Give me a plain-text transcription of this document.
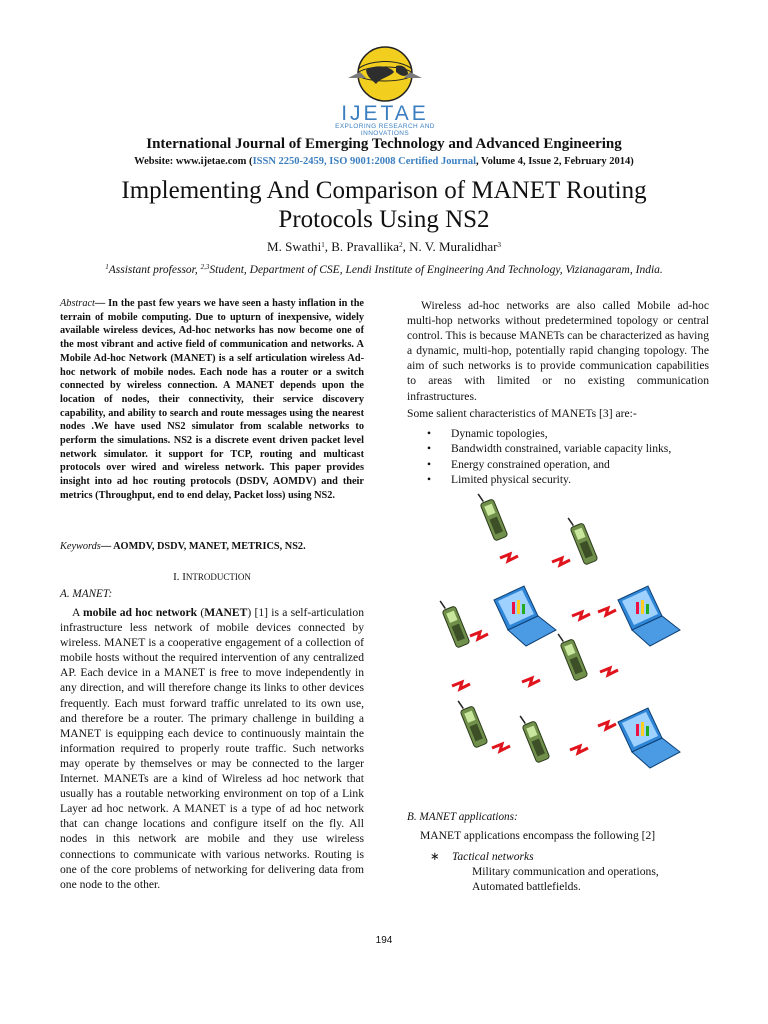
IJETAE
EXPLORING RESEARCH AND INNOVATIONS
International Journal of Emerging Technology and Advanced Engineering
Website: www.ijetae.com (ISSN 2250-2459, ISO 9001:2008 Certified Journal, Volume 4, Issue 2, February 2014)
Implementing And Comparison of MANET Routing Protocols Using NS2
M. Swathi$^1$, B. Pravallika$^2$, N. V. Muralidhar$^3$
$^1$Assistant professor, $^{2,3}$Student, Department of CSE, Lendi Institute of Engineering And Technology, Vizianagaram, India.
Abstract— In the past few years we have seen a hasty inflation in the terrain of mobile computing. Due to upturn of inexpensive, widely available wireless devices, Ad-hoc networks has now become one of the most vibrant and active field of communication and networks. A Mobile Ad-hoc Network (MANET) is a self articulation wireless Ad-hoc network of mobile nodes. Each node has a router or a switch connected by wireless connection. A MANET depends upon the location of nodes, their connectivity, their service discovery capability, and ability to search and route messages using the nearest nodes .We have used NS2 simulator from scalable networks to perform the simulations. NS2 is a discrete event driven packet level network simulator. it support for TCP, routing and multicast protocols over wired and wireless network. This paper provides insight into ad hoc routing protocols (DSDV, AOMDV) and their metrics (Throughput, end to end delay, Packet loss) using NS2.
Keywords— AOMDV, DSDV, MANET, METRICS, NS2.
I. INTRODUCTION
A. MANET:
A mobile ad hoc network (MANET) [1] is a self-articulation infrastructure less network of mobile devices connected by wireless. MANET is a cooperative engagement of a collection of mobile hosts without the required intervention of any centralized AP. Each device in a MANET is free to move independently in any direction, and will therefore change its links to other devices frequently. Each must forward traffic unrelated to its own use, and therefore be a router. The primary challenge in building a MANET is equipping each device to continuously maintain the information required to properly route traffic. Such networks may operate by themselves or may be connected to the larger Internet. MANETs are a kind of Wireless ad hoc network that usually has a routable networking environment on top of a Link Layer ad hoc network. A MANET is a type of ad hoc network that can change locations and configure itself on the fly. All nodes in this network are mobile and they use wireless connections to communicate with various networks. Routing is one of the core problems of networking for delivering data from one node to the other.
Wireless ad-hoc networks are also called Mobile ad-hoc multi-hop networks without predetermined topology or central control. This is because MANETs can be characterized as having a dynamic, multi-hop, potentially rapid changing topology. The aim of such networks is to provide communication capabilities to areas with limited or no existing communication infrastructures.
Some salient characteristics of MANETs [3] are:-
• Dynamic topologies,
• Bandwidth constrained, variable capacity links,
• Energy constrained operation, and
• Limited physical security.
B. MANET applications:
MANET applications encompass the following [2]
∗ Tactical networks
Military communication and operations,
Automated battlefields.
194
